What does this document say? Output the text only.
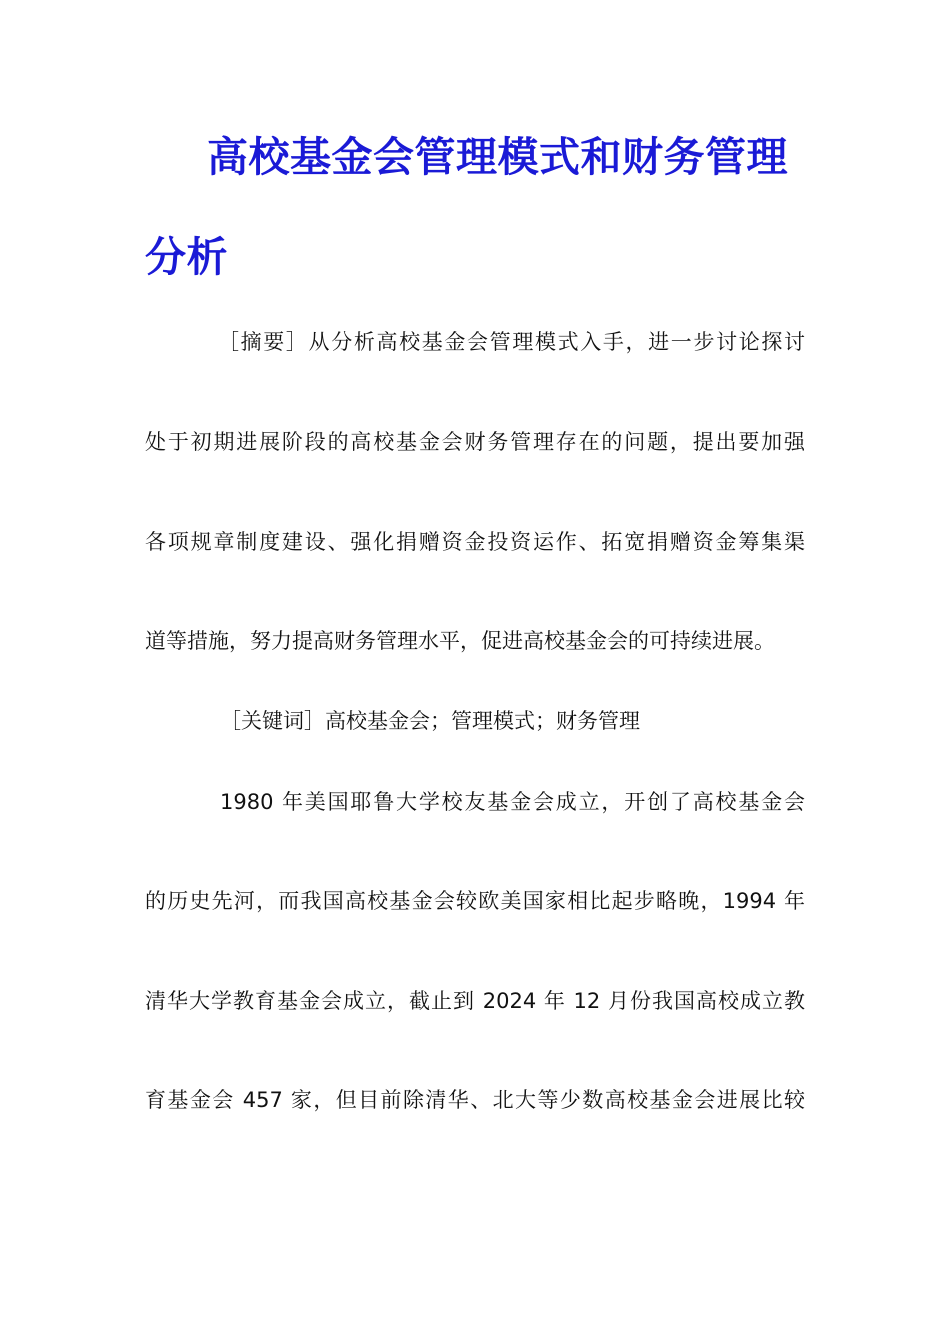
高校基金会管理模式和财务管理
分析
［摘要］从分析高校基金会管理模式入手，进一步讨论探讨
处于初期进展阶段的高校基金会财务管理存在的问题，提出要加强
各项规章制度建设、强化捐赠资金投资运作、拓宽捐赠资金筹集渠
道等措施，努力提高财务管理水平，促进高校基金会的可持续进展。
［关键词］高校基金会；管理模式；财务管理
1980 年美国耶鲁大学校友基金会成立，开创了高校基金会
的历史先河，而我国高校基金会较欧美国家相比起步略晚，1994 年
清华大学教育基金会成立，截止到 2024 年 12 月份我国高校成立教
育基金会 457 家，但目前除清华、北大等少数高校基金会进展比较
